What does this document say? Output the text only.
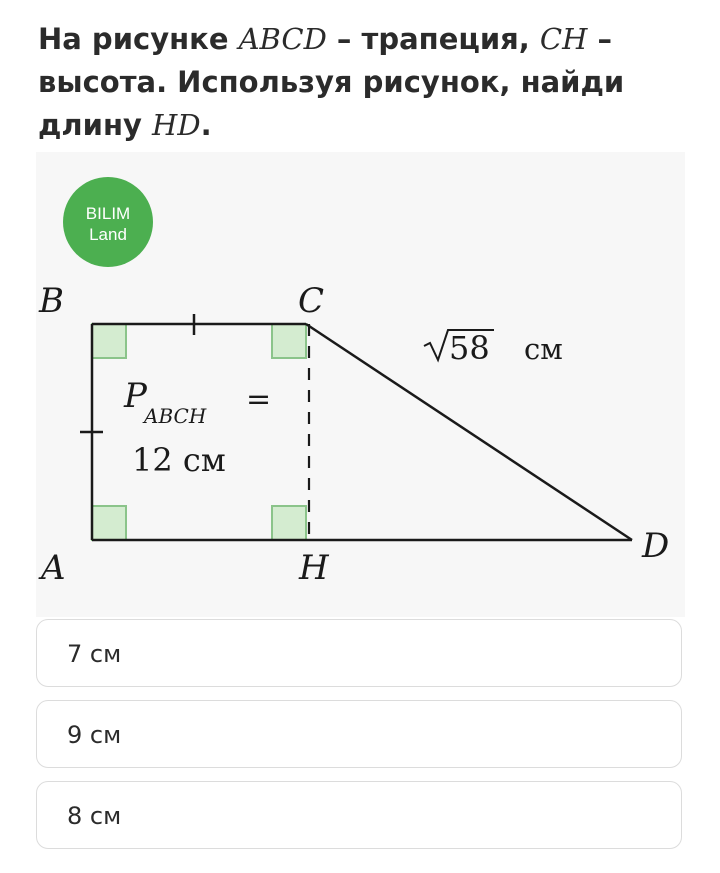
На рисунке ABCD – трапеция, CH – высота. Используя рисунок, найди длину HD.

BILIM
Land
B	C
A	H
D
58 см
P
ABCH =
12 см
7 см
9 см
8 см
